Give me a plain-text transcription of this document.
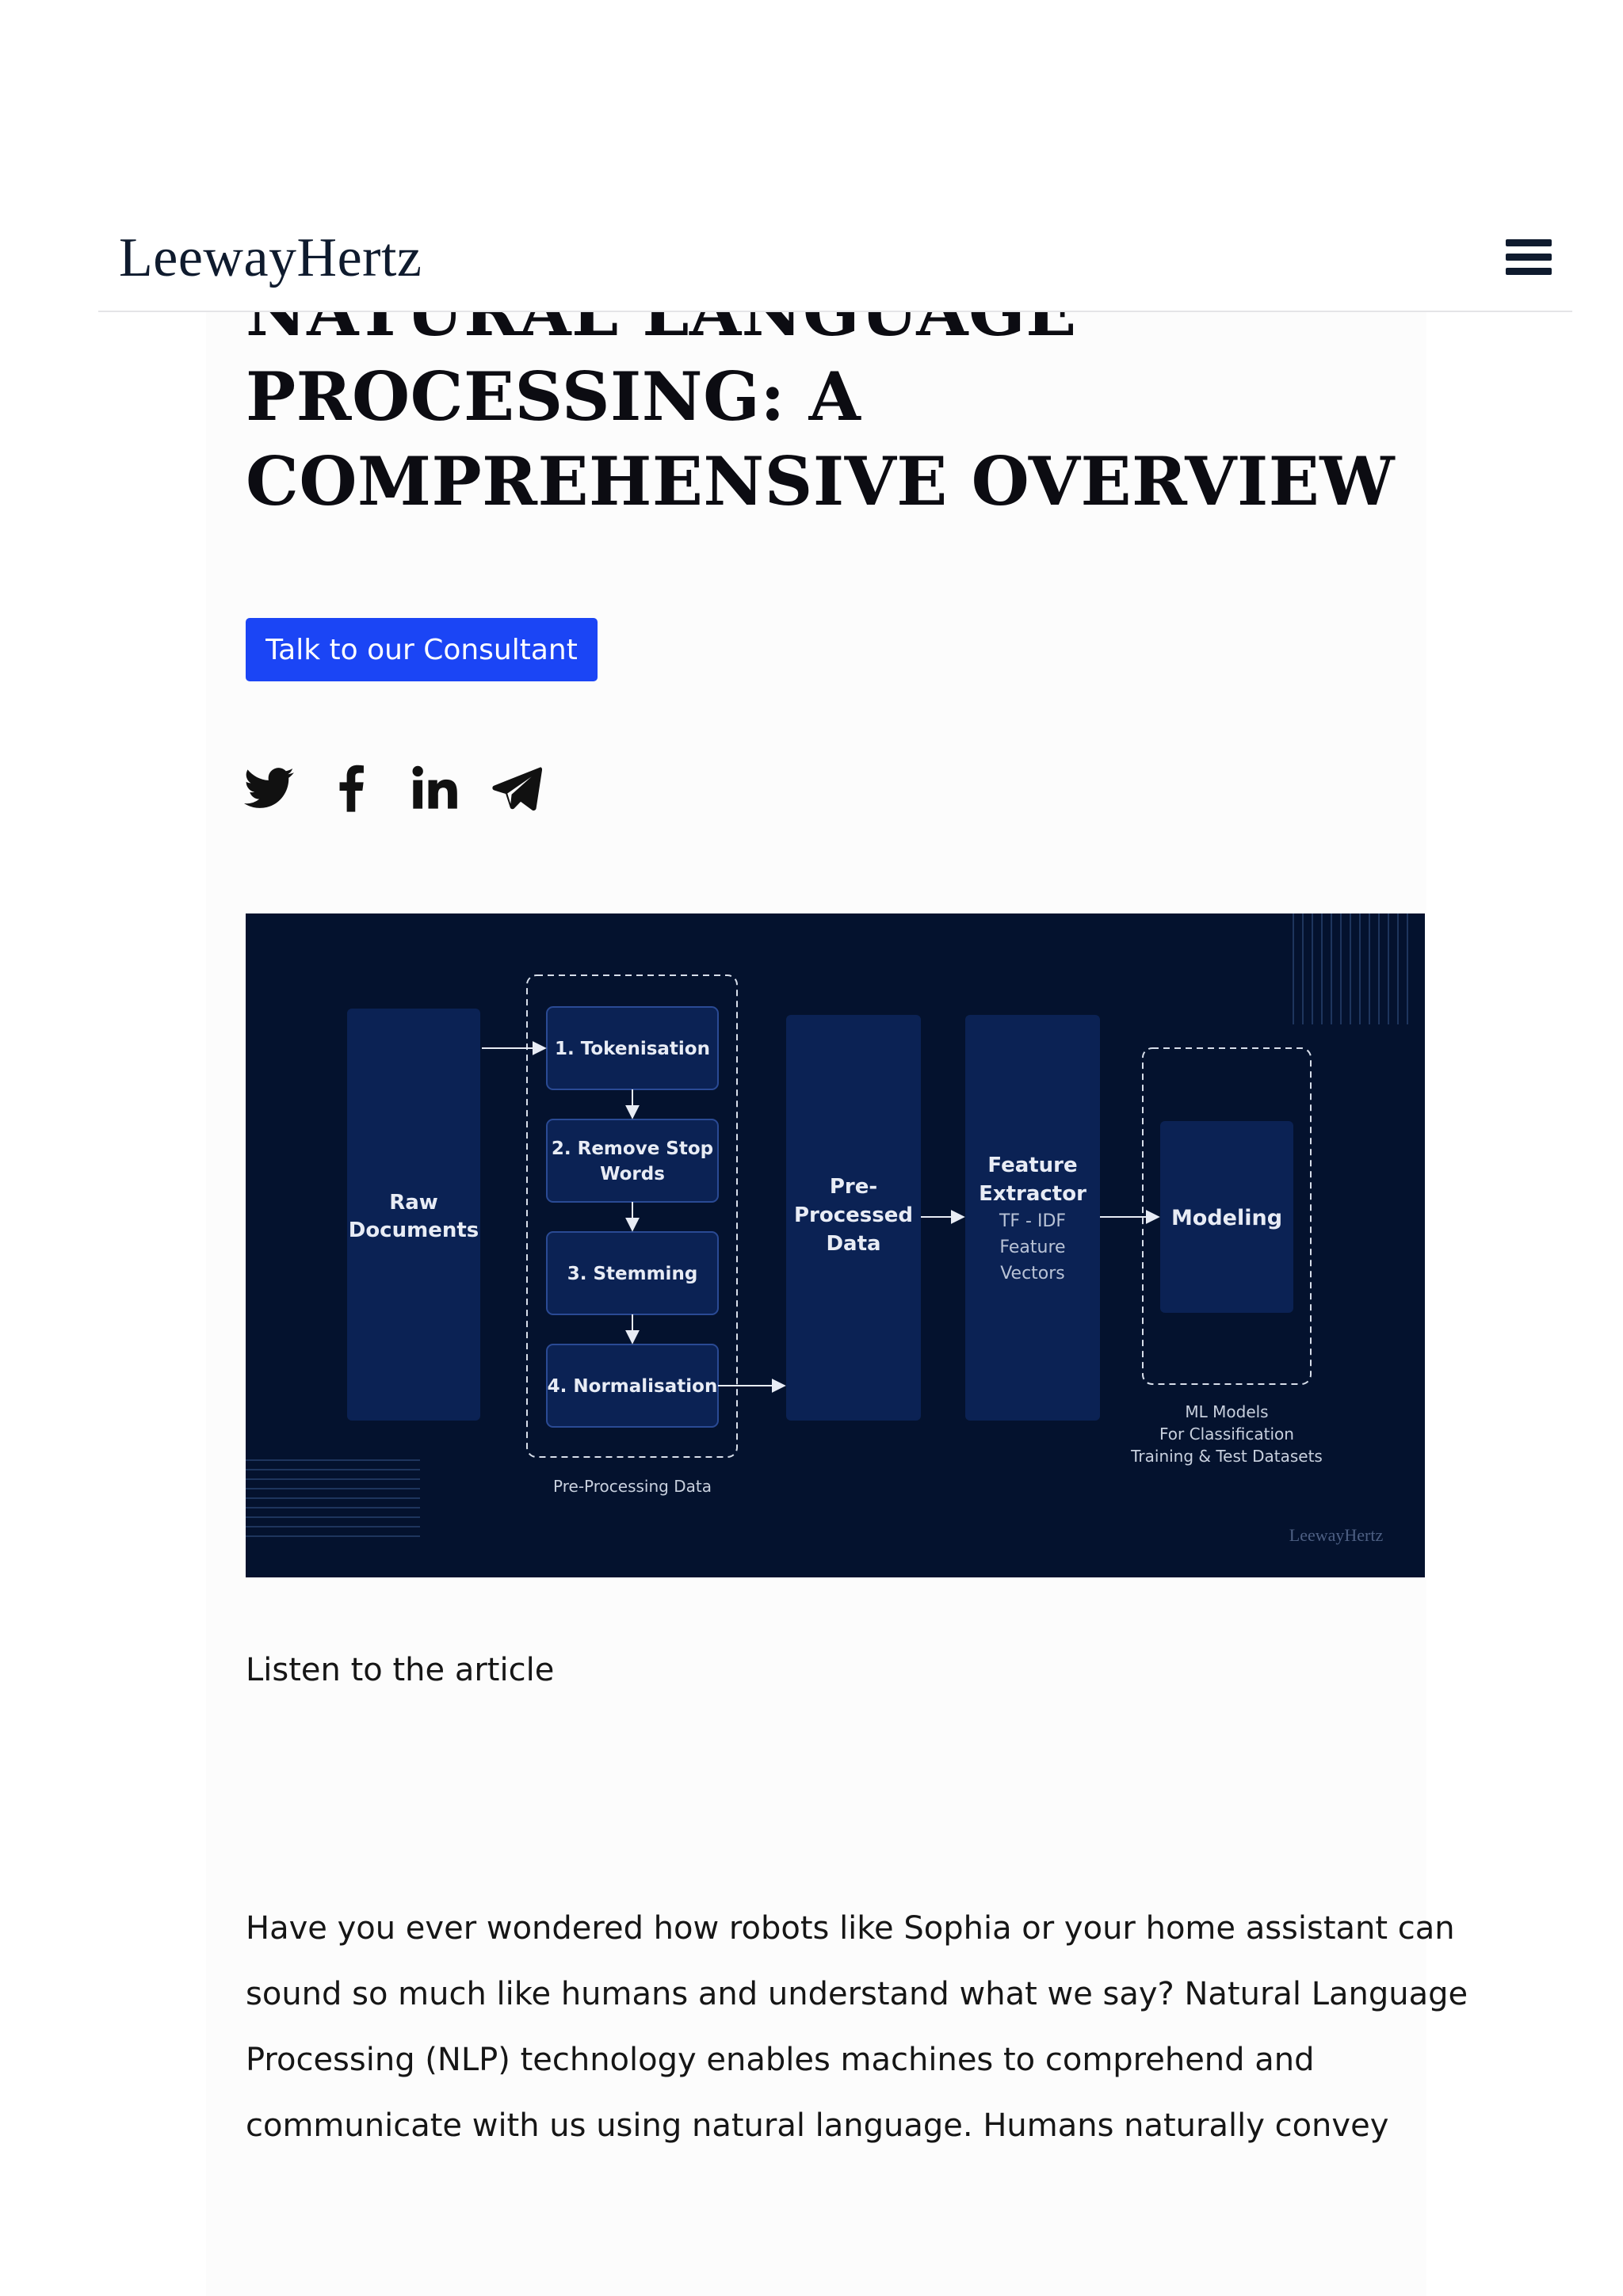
PROCESSING: A
COMPREHENSIVE OVERVIEW
LeewayHertz
Talk to our Consultant
Raw
Documents
1. Tokenisation
2. Remove Stop
Words
3. Stemming
4. Normalisation
Pre-Processing Data
Pre-
Processed
Data
Feature
Extractor
TF - IDF
Feature
Vectors
Modeling
ML Models
For Classification
Training & Test Datasets
LeewayHertz
Listen to the article

Have you ever wondered how robots like Sophia or your home assistant can

sound so much like humans and understand what we say? Natural Language

Processing (NLP) technology enables machines to comprehend and

communicate with us using natural language. Humans naturally convey
